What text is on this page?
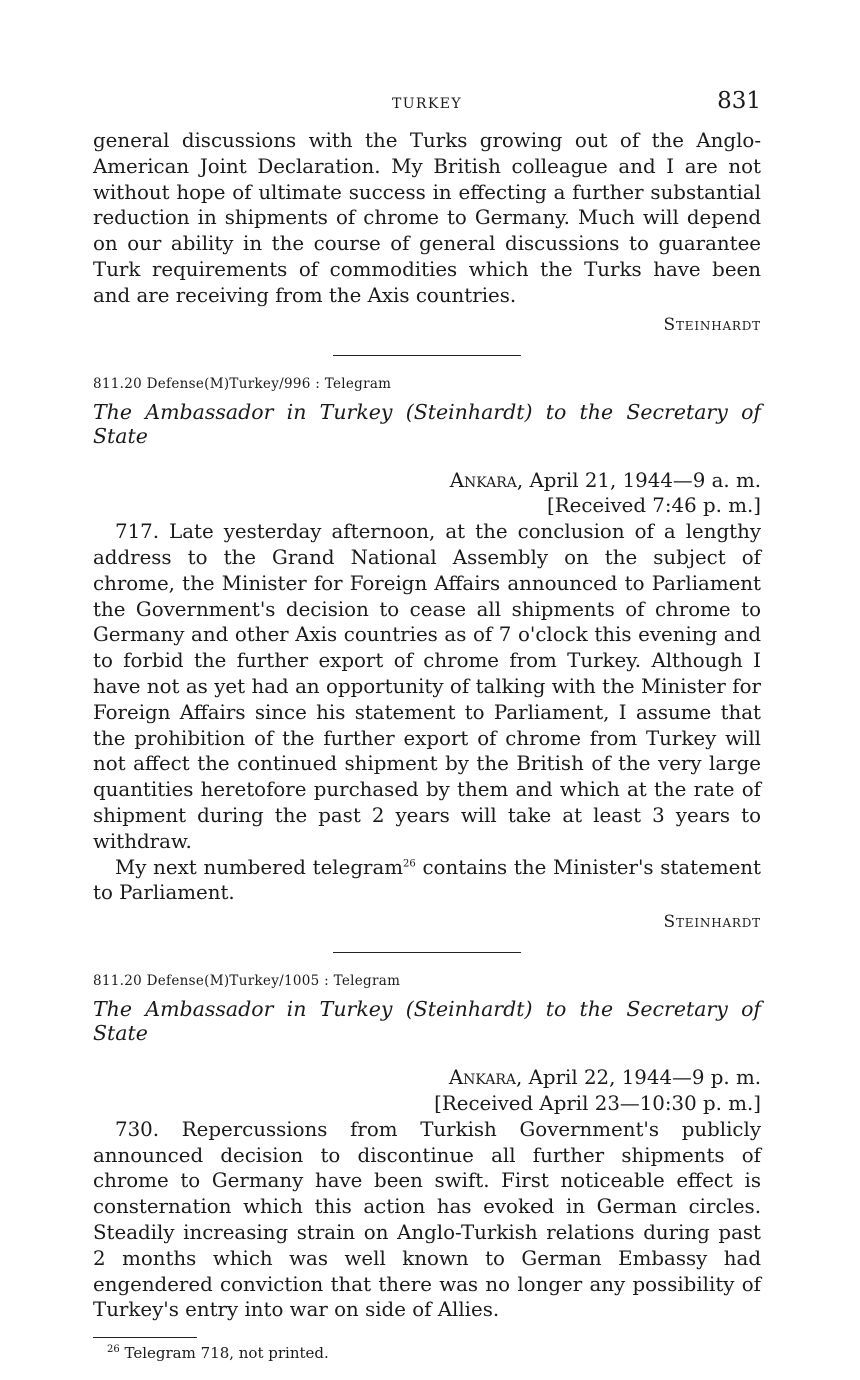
TURKEY	831

general discussions with the Turks growing out of the Anglo-American Joint Declaration. My British colleague and I are not without hope of ultimate success in effecting a further substantial reduction in shipments of chrome to Germany. Much will depend on our ability in the course of general discussions to guarantee Turk requirements of commodities which the Turks have been and are receiving from the Axis countries.

Steinhardt
811.20 Defense(M)Turkey/996 : Telegram
The Ambassador in Turkey (Steinhardt) to the Secretary of State
Ankara, April 21, 1944—9 a. m.
[Received 7:46 p. m.]

717. Late yesterday afternoon, at the conclusion of a lengthy address to the Grand National Assembly on the subject of chrome, the Minister for Foreign Affairs announced to Parliament the Government's decision to cease all shipments of chrome to Germany and other Axis countries as of 7 o'clock this evening and to forbid the further export of chrome from Turkey. Although I have not as yet had an opportunity of talking with the Minister for Foreign Affairs since his statement to Parliament, I assume that the prohibition of the further export of chrome from Turkey will not affect the continued shipment by the British of the very large quantities heretofore purchased by them and which at the rate of shipment during the past 2 years will take at least 3 years to withdraw.

My next numbered telegram$^{26}$ contains the Minister's statement to Parliament.

Steinhardt
811.20 Defense(M)Turkey/1005 : Telegram
The Ambassador in Turkey (Steinhardt) to the Secretary of State
Ankara, April 22, 1944—9 p. m.
[Received April 23—10:30 p. m.]

730. Repercussions from Turkish Government's publicly announced decision to discontinue all further shipments of chrome to Germany have been swift. First noticeable effect is consternation which this action has evoked in German circles. Steadily increasing strain on Anglo-Turkish relations during past 2 months which was well known to German Embassy had engendered conviction that there was no longer any possibility of Turkey's entry into war on side of Allies.

$^{26}$ Telegram 718, not printed.
